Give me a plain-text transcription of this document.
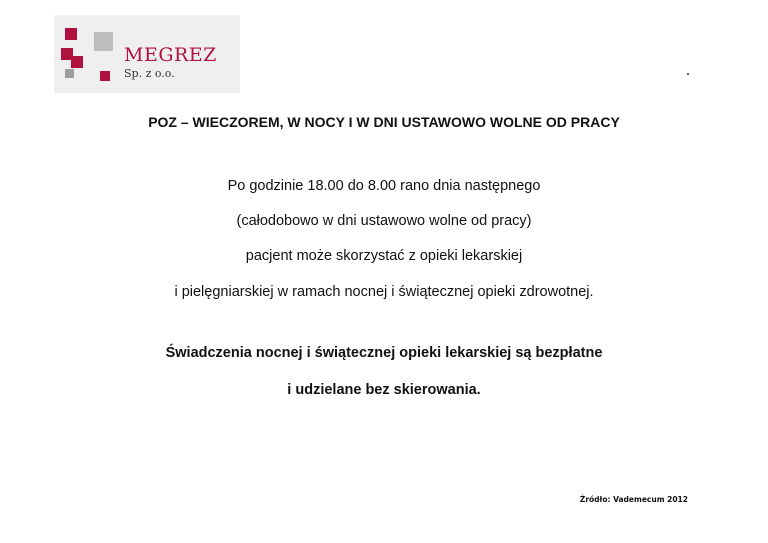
MEGREZ
Sp. z o.o.

POZ – WIECZOREM, W NOCY I W DNI USTAWOWO WOLNE OD PRACY

Po godzinie 18.00 do 8.00 rano dnia następnego

(całodobowo w dni ustawowo wolne od pracy)

pacjent może skorzystać z opieki lekarskiej

i pielęgniarskiej w ramach nocnej i świątecznej opieki zdrowotnej.

Świadczenia nocnej i świątecznej opieki lekarskiej są bezpłatne

i udzielane bez skierowania.

Źródło: Vademecum 2012
